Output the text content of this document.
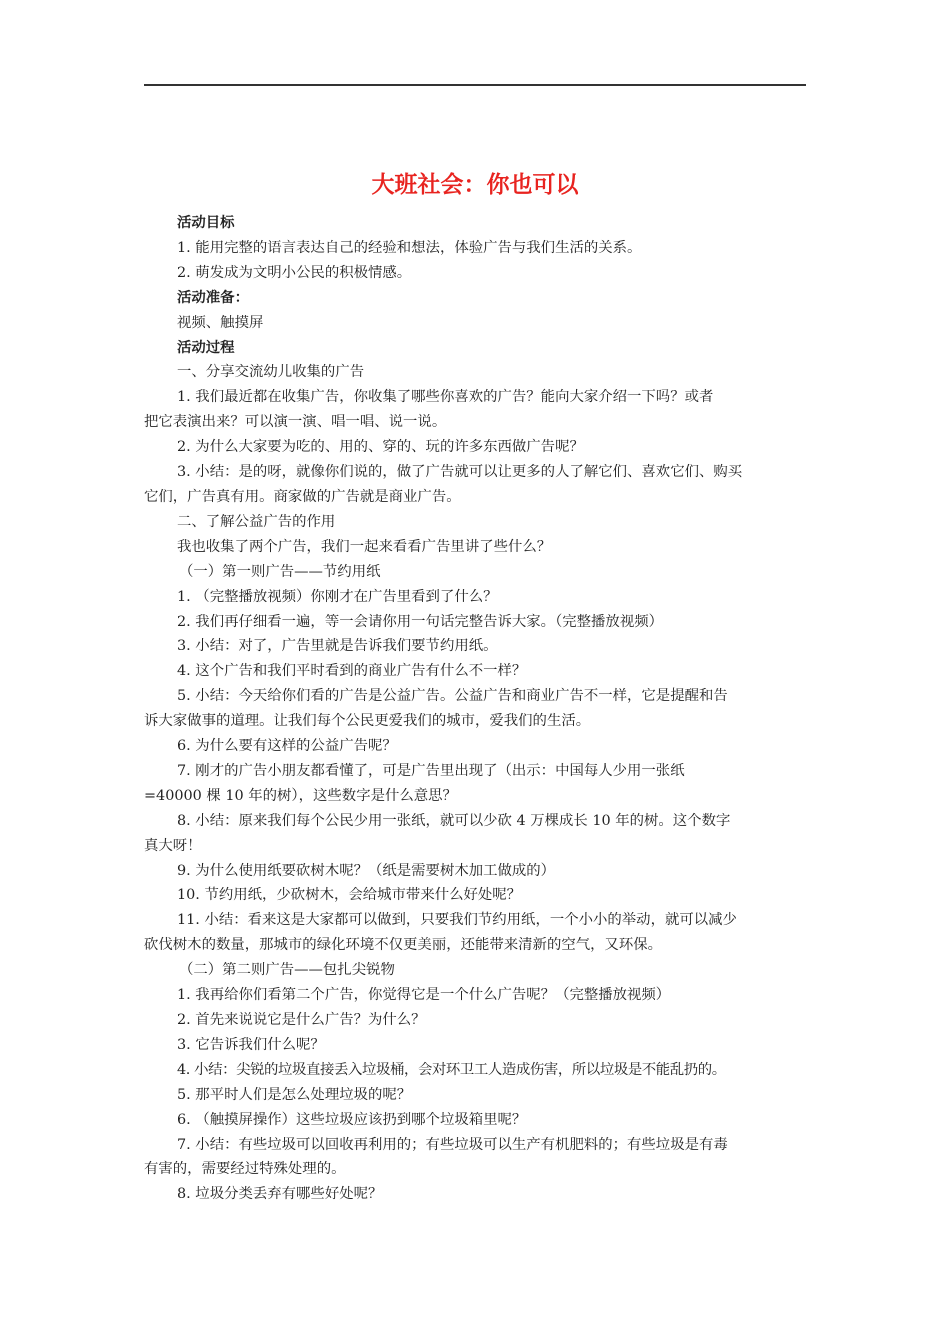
大班社会：你也可以
活动目标
1. 能用完整的语言表达自己的经验和想法，体验广告与我们生活的关系。
2. 萌发成为文明小公民的积极情感。
活动准备：
视频、触摸屏
活动过程
一、分享交流幼儿收集的广告
1. 我们最近都在收集广告，你收集了哪些你喜欢的广告？能向大家介绍一下吗？或者
把它表演出来？可以演一演、唱一唱、说一说。
2. 为什么大家要为吃的、用的、穿的、玩的许多东西做广告呢？
3. 小结：是的呀，就像你们说的，做了广告就可以让更多的人了解它们、喜欢它们、购买
它们，广告真有用。商家做的广告就是商业广告。
二、了解公益广告的作用
我也收集了两个广告，我们一起来看看广告里讲了些什么？
（一）第一则广告——节约用纸
1. （完整播放视频）你刚才在广告里看到了什么？
2. 我们再仔细看一遍，等一会请你用一句话完整告诉大家。（完整播放视频）
3. 小结：对了，广告里就是告诉我们要节约用纸。
4. 这个广告和我们平时看到的商业广告有什么不一样？
5. 小结：今天给你们看的广告是公益广告。公益广告和商业广告不一样，它是提醒和告
诉大家做事的道理。让我们每个公民更爱我们的城市，爱我们的生活。
6. 为什么要有这样的公益广告呢？
7. 刚才的广告小朋友都看懂了，可是广告里出现了（出示：中国每人少用一张纸
=40000 棵 10 年的树），这些数字是什么意思？
8. 小结：原来我们每个公民少用一张纸，就可以少砍 4 万棵成长 10 年的树。这个数字
真大呀！
9. 为什么使用纸要砍树木呢？（纸是需要树木加工做成的）
10. 节约用纸，少砍树木，会给城市带来什么好处呢？
11. 小结：看来这是大家都可以做到，只要我们节约用纸，一个小小的举动，就可以减少
砍伐树木的数量，那城市的绿化环境不仅更美丽，还能带来清新的空气，又环保。
（二）第二则广告——包扎尖锐物
1. 我再给你们看第二个广告，你觉得它是一个什么广告呢？（完整播放视频）
2. 首先来说说它是什么广告？为什么？
3. 它告诉我们什么呢？
4. 小结：尖锐的垃圾直接丢入垃圾桶，会对环卫工人造成伤害，所以垃圾是不能乱扔的。
5. 那平时人们是怎么处理垃圾的呢？
6. （触摸屏操作）这些垃圾应该扔到哪个垃圾箱里呢？
7. 小结：有些垃圾可以回收再利用的；有些垃圾可以生产有机肥料的；有些垃圾是有毒
有害的，需要经过特殊处理的。
8. 垃圾分类丢弃有哪些好处呢？
